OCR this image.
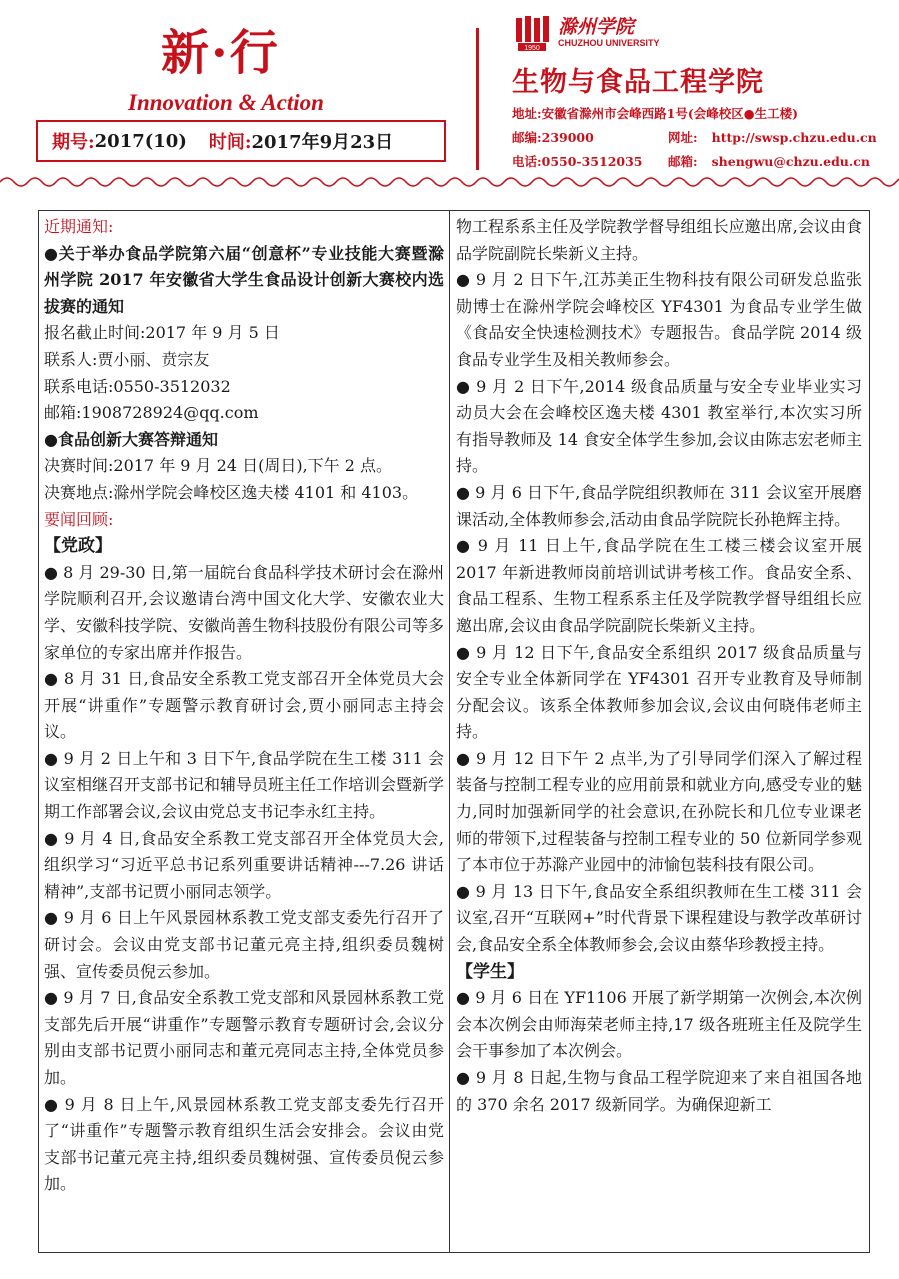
新·行
Innovation & Action
期号: 2017(10) 时间: 2017年9月23日
1950
滁州学院
CHUZHOU UNIVERSITY
生物与食品工程学院
地址:安徽省滁州市会峰西路1号(会峰校区●生工楼)
邮编:239000	网址: http://swsp.chzu.edu.cn
电话:0550-3512035 邮箱: shengwu@chzu.edu.cn

近期通知:

●关于举办食品学院第六届“创意杯”专业技能大赛暨滁州学院 2017 年安徽省大学生食品设计创新大赛校内选拔赛的通知

报名截止时间:2017 年 9 月 5 日

联系人:贾小丽、贲宗友

联系电话:0550-3512032

邮箱:1908728924@qq.com

●食品创新大赛答辩通知

决赛时间:2017 年 9 月 24 日(周日),下午 2 点。

决赛地点:滁州学院会峰校区逸夫楼 4101 和 4103。

要闻回顾:

【党政】

● 8 月 29-30 日,第一届皖台食品科学技术研讨会在滁州学院顺利召开,会议邀请台湾中国文化大学、安徽农业大学、安徽科技学院、安徽尚善生物科技股份有限公司等多家单位的专家出席并作报告。

● 8 月 31 日,食品安全系教工党支部召开全体党员大会开展“讲重作”专题警示教育研讨会,贾小丽同志主持会议。

● 9 月 2 日上午和 3 日下午,食品学院在生工楼 311 会议室相继召开支部书记和辅导员班主任工作培训会暨新学期工作部署会议,会议由党总支书记李永红主持。

● 9 月 4 日,食品安全系教工党支部召开全体党员大会,组织学习“习近平总书记系列重要讲话精神---7.26 讲话精神”,支部书记贾小丽同志领学。

● 9 月 6 日上午风景园林系教工党支部支委先行召开了研讨会。会议由党支部书记董元亮主持,组织委员魏树强、宣传委员倪云参加。

● 9 月 7 日,食品安全系教工党支部和风景园林系教工党支部先后开展“讲重作”专题警示教育专题研讨会,会议分别由支部书记贾小丽同志和董元亮同志主持,全体党员参加。

● 9 月 8 日上午,风景园林系教工党支部支委先行召开了“讲重作”专题警示教育组织生活会安排会。会议由党支部书记董元亮主持,组织委员魏树强、宣传委员倪云参加。

物工程系系主任及学院教学督导组组长应邀出席,会议由食品学院副院长柴新义主持。

● 9 月 2 日下午,江苏美正生物科技有限公司研发总监张勋博士在滁州学院会峰校区 YF4301 为食品专业学生做《食品安全快速检测技术》专题报告。食品学院 2014 级食品专业学生及相关教师参会。

● 9 月 2 日下午,2014 级食品质量与安全专业毕业实习动员大会在会峰校区逸夫楼 4301 教室举行,本次实习所有指导教师及 14 食安全体学生参加,会议由陈志宏老师主持。

● 9 月 6 日下午,食品学院组织教师在 311 会议室开展磨课活动,全体教师参会,活动由食品学院院长孙艳辉主持。

● 9 月 11 日上午,食品学院在生工楼三楼会议室开展 2017 年新进教师岗前培训试讲考核工作。食品安全系、食品工程系、生物工程系系主任及学院教学督导组组长应邀出席,会议由食品学院副院长柴新义主持。

● 9 月 12 日下午,食品安全系组织 2017 级食品质量与安全专业全体新同学在 YF4301 召开专业教育及导师制分配会议。该系全体教师参加会议,会议由何晓伟老师主持。

● 9 月 12 日下午 2 点半,为了引导同学们深入了解过程装备与控制工程专业的应用前景和就业方向,感受专业的魅力,同时加强新同学的社会意识,在孙院长和几位专业课老师的带领下,过程装备与控制工程专业的 50 位新同学参观了本市位于苏滁产业园中的沛愉包装科技有限公司。

● 9 月 13 日下午,食品安全系组织教师在生工楼 311 会议室,召开“互联网+”时代背景下课程建设与教学改革研讨会,食品安全系全体教师参会,会议由蔡华珍教授主持。

【学生】

● 9 月 6 日在 YF1106 开展了新学期第一次例会,本次例会本次例会由师海荣老师主持,17 级各班班主任及院学生会干事参加了本次例会。

● 9 月 8 日起,生物与食品工程学院迎来了来自祖国各地的 370 余名 2017 级新同学。为确保迎新工
